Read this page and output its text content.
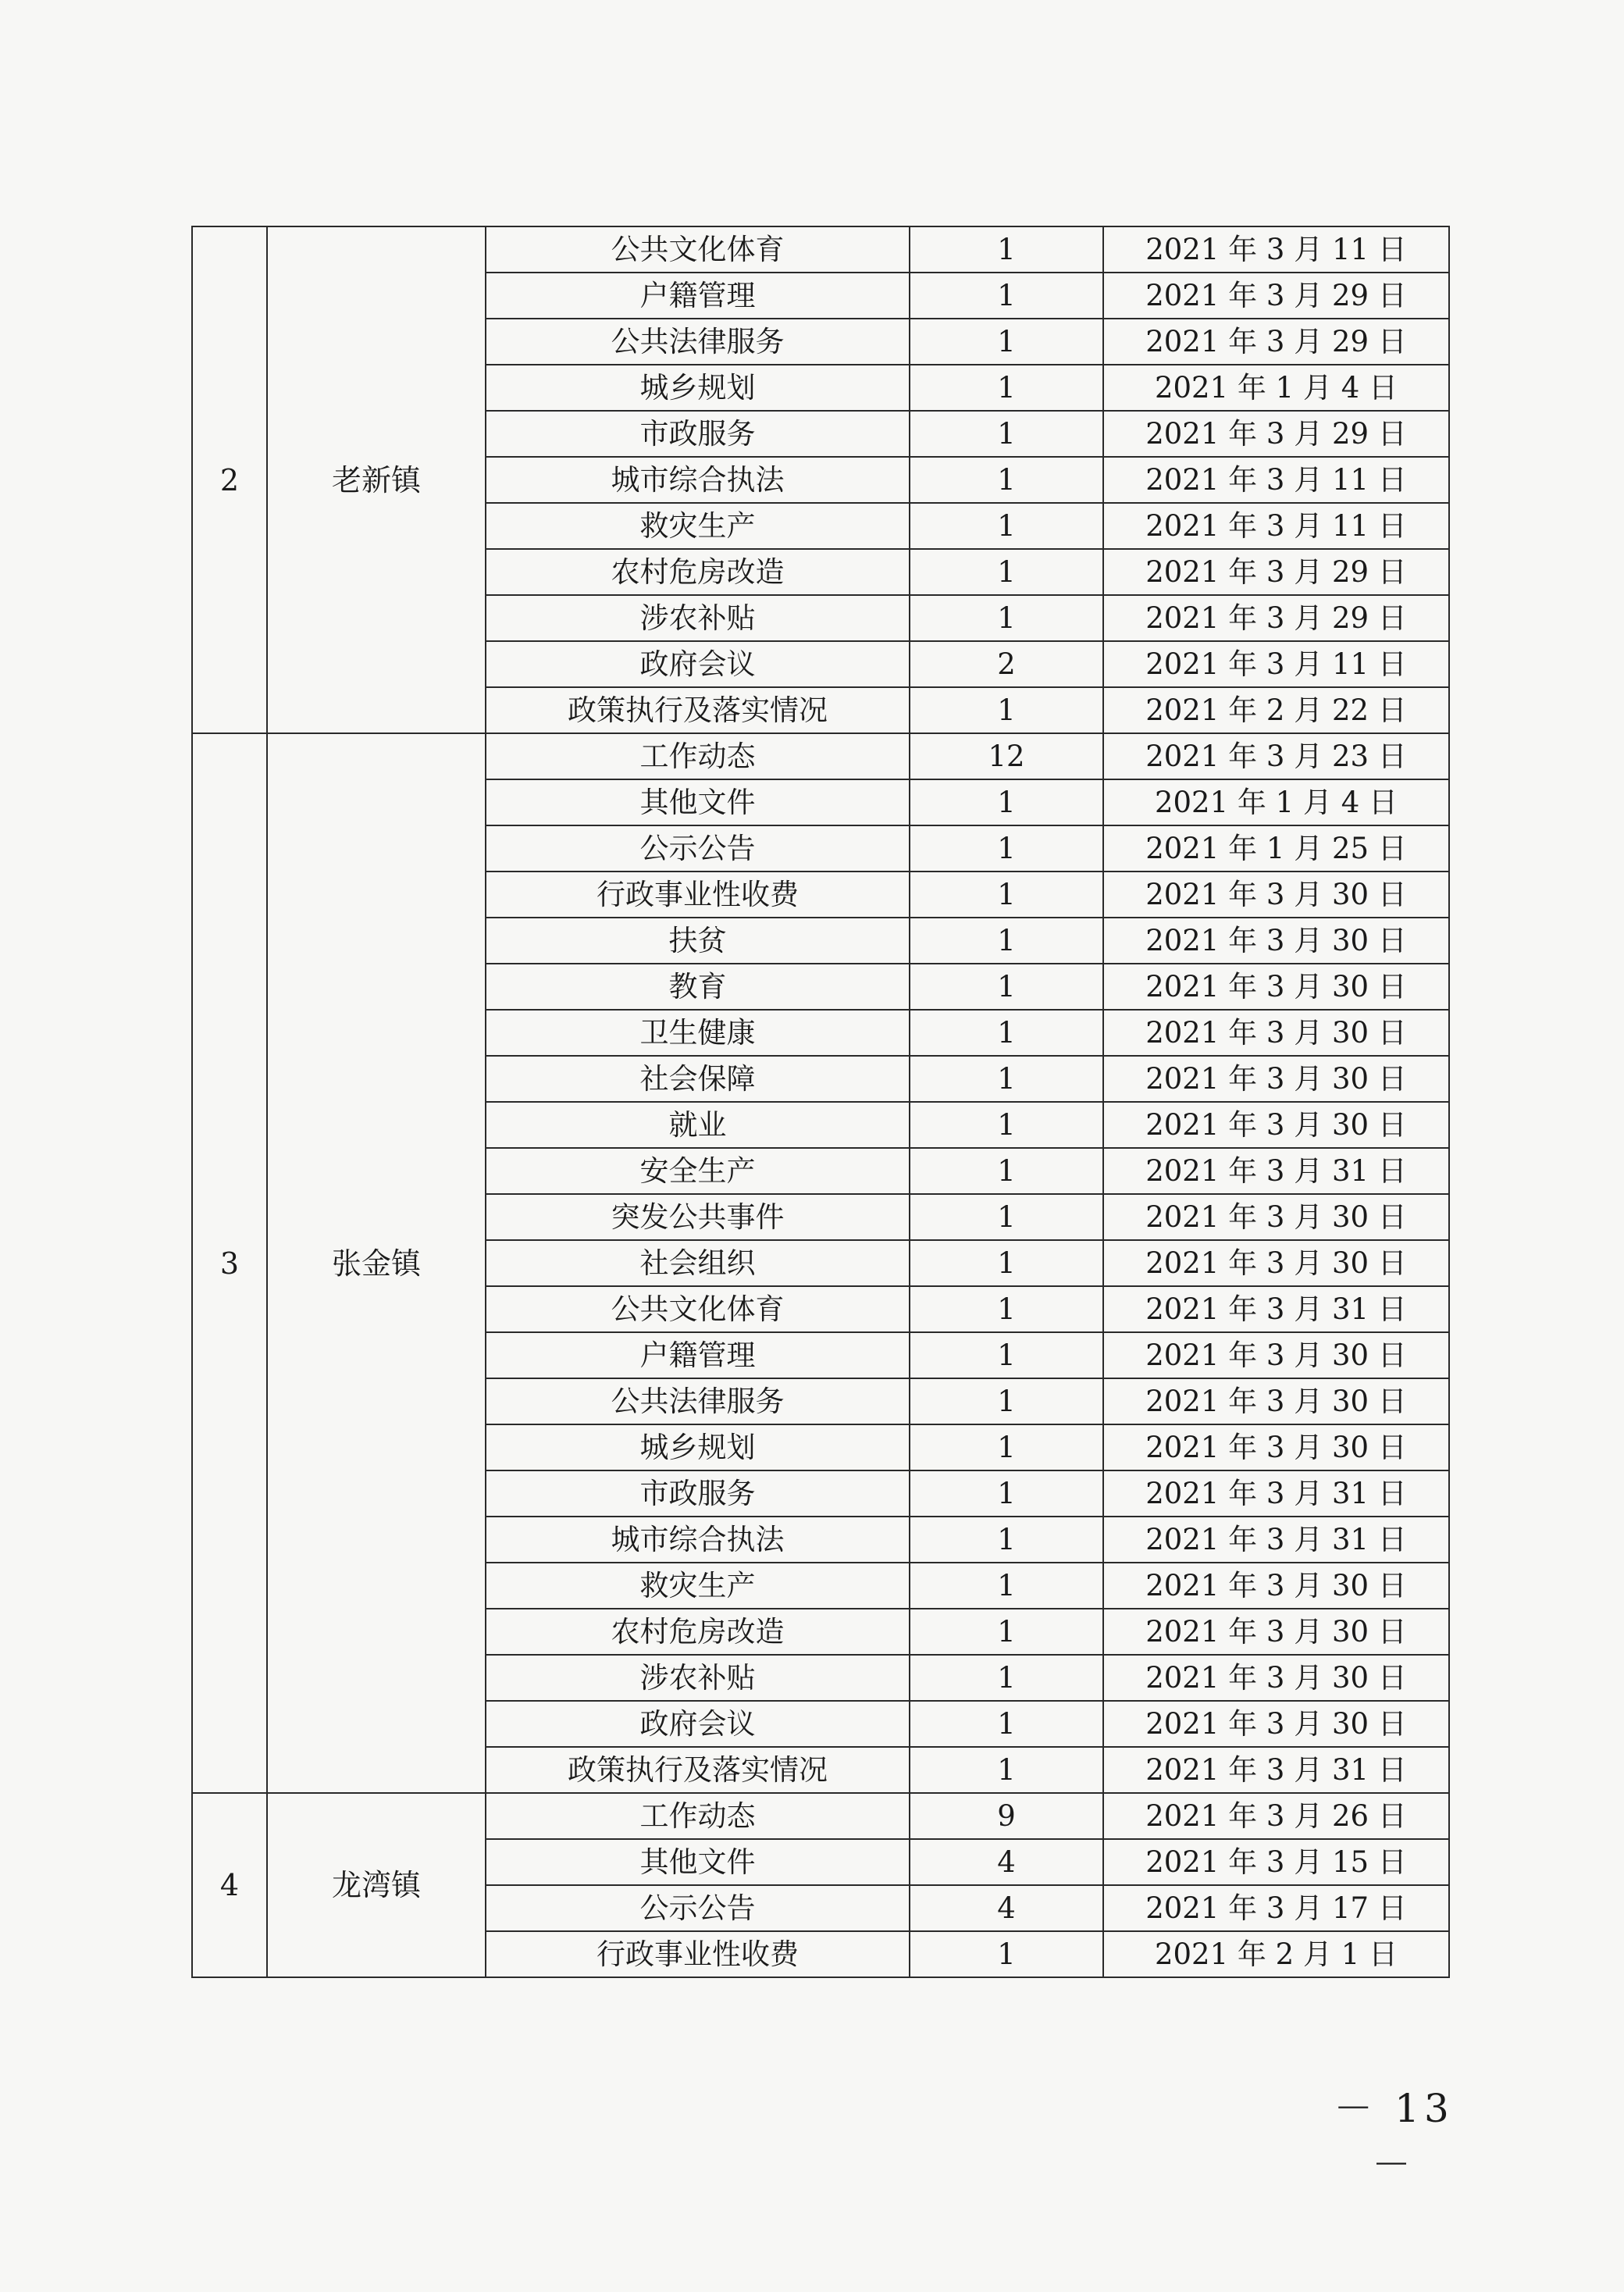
2	老新镇	公共文化体育	1	2021 年 3 月 11 日
		户籍管理	1	2021 年 3 月 29 日
		公共法律服务	1	2021 年 3 月 29 日
		城乡规划	1	2021 年 1 月 4 日
		市政服务	1	2021 年 3 月 29 日
		城市综合执法	1	2021 年 3 月 11 日
		救灾生产	1	2021 年 3 月 11 日
		农村危房改造	1	2021 年 3 月 29 日
		涉农补贴	1	2021 年 3 月 29 日
		政府会议	2	2021 年 3 月 11 日
		政策执行及落实情况	1	2021 年 2 月 22 日
3	张金镇	工作动态	12	2021 年 3 月 23 日
		其他文件	1	2021 年 1 月 4 日
		公示公告	1	2021 年 1 月 25 日
		行政事业性收费	1	2021 年 3 月 30 日
		扶贫	1	2021 年 3 月 30 日
		教育	1	2021 年 3 月 30 日
		卫生健康	1	2021 年 3 月 30 日
		社会保障	1	2021 年 3 月 30 日
		就业	1	2021 年 3 月 30 日
		安全生产	1	2021 年 3 月 31 日
		突发公共事件	1	2021 年 3 月 30 日
		社会组织	1	2021 年 3 月 30 日
		公共文化体育	1	2021 年 3 月 31 日
		户籍管理	1	2021 年 3 月 30 日
		公共法律服务	1	2021 年 3 月 30 日
		城乡规划	1	2021 年 3 月 30 日
		市政服务	1	2021 年 3 月 31 日
		城市综合执法	1	2021 年 3 月 31 日
		救灾生产	1	2021 年 3 月 30 日
		农村危房改造	1	2021 年 3 月 30 日
		涉农补贴	1	2021 年 3 月 30 日
		政府会议	1	2021 年 3 月 30 日
		政策执行及落实情况	1	2021 年 3 月 31 日
4	龙湾镇	工作动态	9	2021 年 3 月 26 日
		其他文件	4	2021 年 3 月 15 日
		公示公告	4	2021 年 3 月 17 日
		行政事业性收费	1	2021 年 2 月 1 日
－ 13 －
